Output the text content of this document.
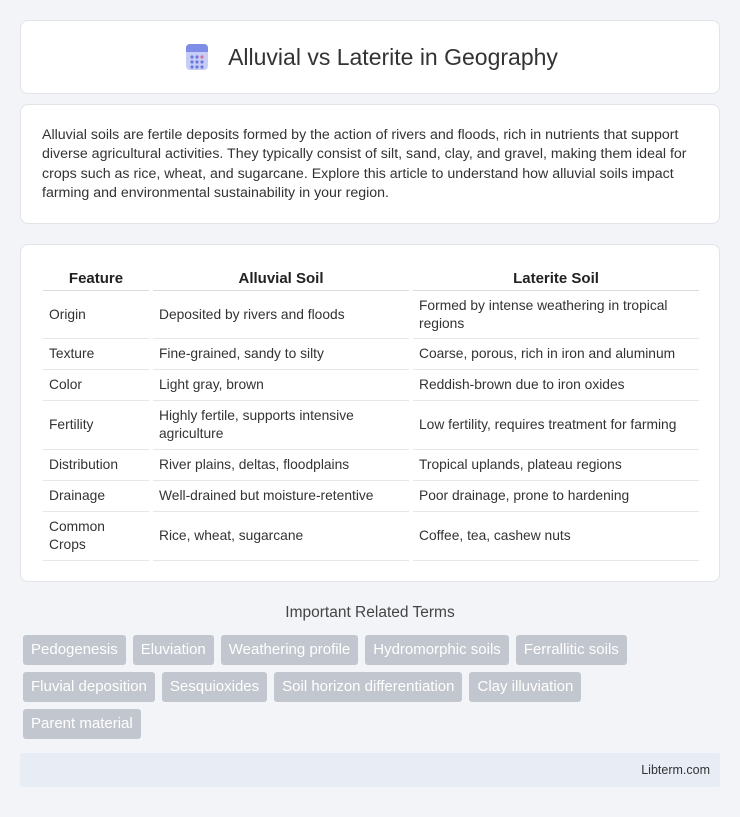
Alluvial vs Laterite in Geography

Alluvial soils are fertile deposits formed by the action of rivers and floods, rich in nutrients that support diverse agricultural activities. They typically consist of silt, sand, clay, and gravel, making them ideal for crops such as rice, wheat, and sugarcane. Explore this article to understand how alluvial soils impact farming and environmental sustainability in your region.

Feature		Alluvial Soil		Laterite Soil
Origin		Deposited by rivers and floods		Formed by intense weathering in tropical regions
Texture		Fine-grained, sandy to silty		Coarse, porous, rich in iron and aluminum
Color		Light gray, brown		Reddish-brown due to iron oxides
Fertility		Highly fertile, supports intensive agriculture		Low fertility, requires treatment for farming
Distribution		River plains, deltas, floodplains		Tropical uplands, plateau regions
Drainage		Well-drained but moisture-retentive		Poor drainage, prone to hardening
Common Crops		Rice, wheat, sugarcane		Coffee, tea, cashew nuts
Important Related Terms
Pedogenesis	Eluviation	Weathering profile	Hydromorphic soils	Ferrallitic soils
Fluvial deposition	Sesquioxides	Soil horizon differentiation	Clay illuviation
Parent material
Libterm.com
